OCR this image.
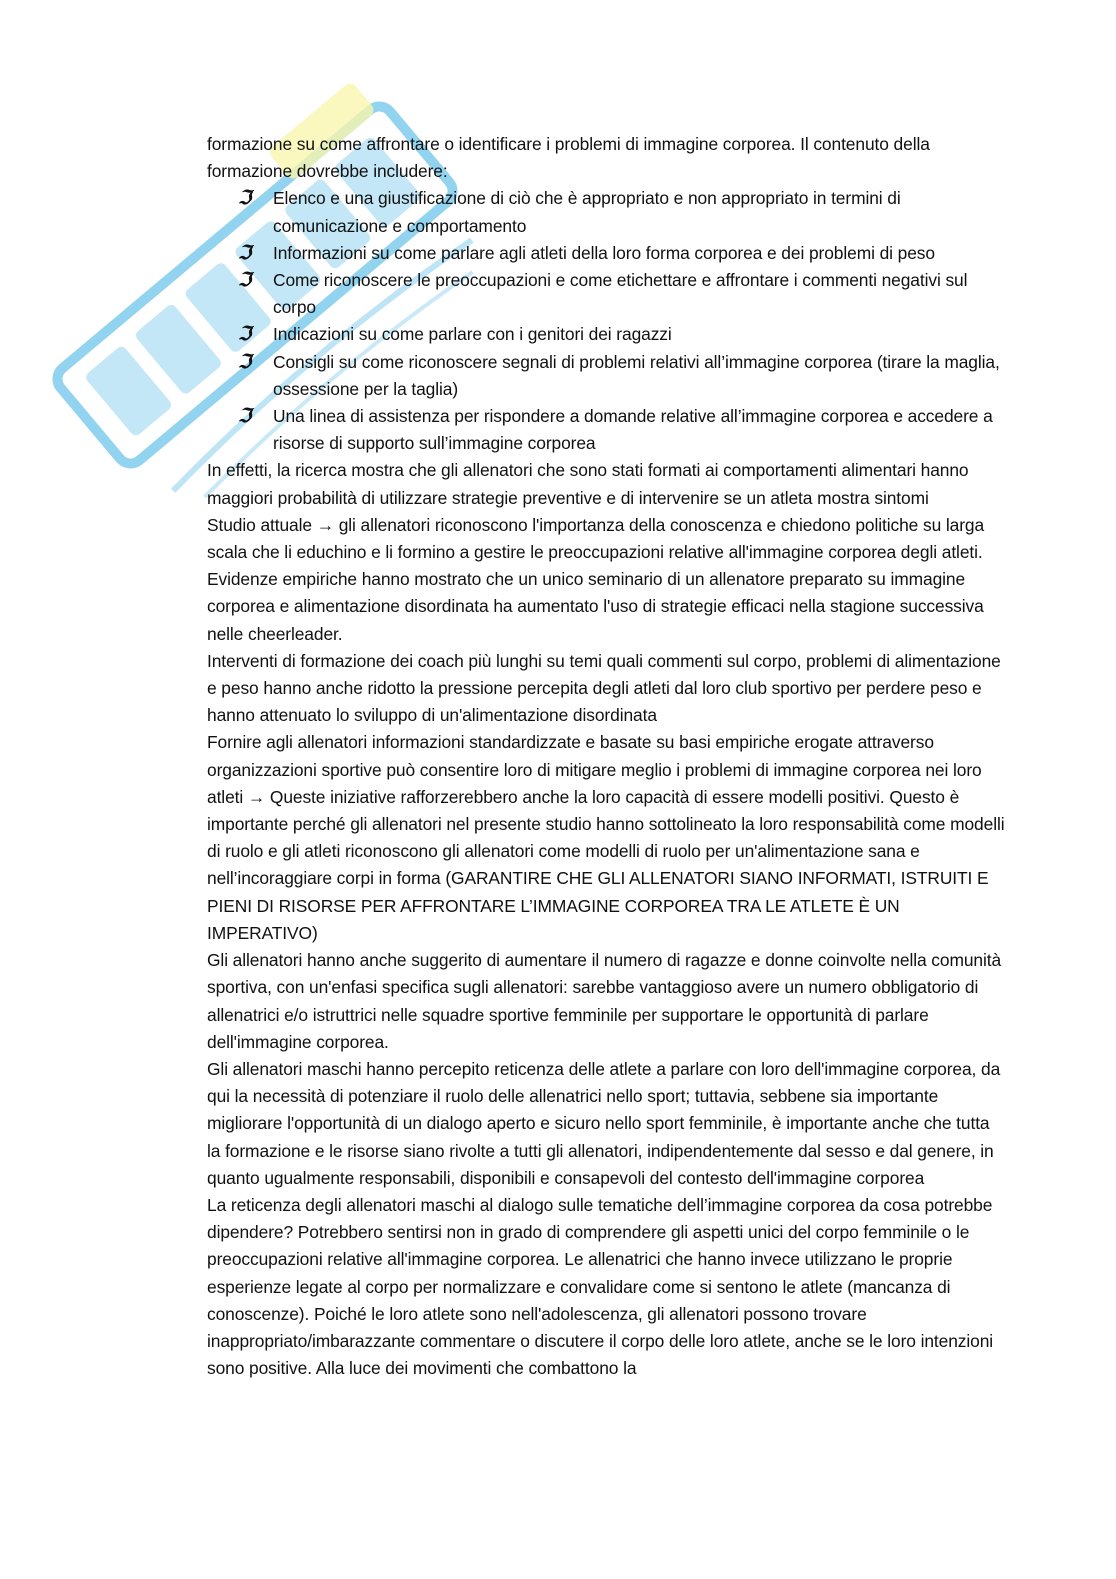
formazione su come affrontare o identificare i problemi di immagine corporea. Il contenuto della formazione dovrebbe includere:

ℑ Elenco e una giustificazione di ciò che è appropriato e non appropriato in termini di comunicazione e comportamento
ℑ Informazioni su come parlare agli atleti della loro forma corporea e dei problemi di peso
ℑ Come riconoscere le preoccupazioni e come etichettare e affrontare i commenti negativi sul corpo
ℑ Indicazioni su come parlare con i genitori dei ragazzi
ℑ Consigli su come riconoscere segnali di problemi relativi all’immagine corporea (tirare la maglia, ossessione per la taglia)
ℑ Una linea di assistenza per rispondere a domande relative all’immagine corporea e accedere a risorse di supporto sull’immagine corporea

In effetti, la ricerca mostra che gli allenatori che sono stati formati ai comportamenti alimentari hanno maggiori probabilità di utilizzare strategie preventive e di intervenire se un atleta mostra sintomi

Studio attuale → gli allenatori riconoscono l'importanza della conoscenza e chiedono politiche su larga scala che li educhino e li formino a gestire le preoccupazioni relative all'immagine corporea degli atleti. Evidenze empiriche hanno mostrato che un unico seminario di un allenatore preparato su immagine corporea e alimentazione disordinata ha aumentato l'uso di strategie efficaci nella stagione successiva nelle cheerleader.

Interventi di formazione dei coach più lunghi su temi quali commenti sul corpo, problemi di alimentazione e peso hanno anche ridotto la pressione percepita degli atleti dal loro club sportivo per perdere peso e hanno attenuato lo sviluppo di un'alimentazione disordinata

Fornire agli allenatori informazioni standardizzate e basate su basi empiriche erogate attraverso organizzazioni sportive può consentire loro di mitigare meglio i problemi di immagine corporea nei loro atleti → Queste iniziative rafforzerebbero anche la loro capacità di essere modelli positivi. Questo è importante perché gli allenatori nel presente studio hanno sottolineato la loro responsabilità come modelli di ruolo e gli atleti riconoscono gli allenatori come modelli di ruolo per un'alimentazione sana e nell’incoraggiare corpi in forma (GARANTIRE CHE GLI ALLENATORI SIANO INFORMATI, ISTRUITI E PIENI DI RISORSE PER AFFRONTARE L’IMMAGINE CORPOREA TRA LE ATLETE È UN IMPERATIVO)

Gli allenatori hanno anche suggerito di aumentare il numero di ragazze e donne coinvolte nella comunità sportiva, con un'enfasi specifica sugli allenatori: sarebbe vantaggioso avere un numero obbligatorio di allenatrici e/o istruttrici nelle squadre sportive femminile per supportare le opportunità di parlare dell'immagine corporea.

Gli allenatori maschi hanno percepito reticenza delle atlete a parlare con loro dell'immagine corporea, da qui la necessità di potenziare il ruolo delle allenatrici nello sport; tuttavia, sebbene sia importante migliorare l'opportunità di un dialogo aperto e sicuro nello sport femminile, è importante anche che tutta la formazione e le risorse siano rivolte a tutti gli allenatori, indipendentemente dal sesso e dal genere, in quanto ugualmente responsabili, disponibili e consapevoli del contesto dell'immagine corporea

La reticenza degli allenatori maschi al dialogo sulle tematiche dell’immagine corporea da cosa potrebbe dipendere? Potrebbero sentirsi non in grado di comprendere gli aspetti unici del corpo femminile o le preoccupazioni relative all'immagine corporea. Le allenatrici che hanno invece utilizzano le proprie esperienze legate al corpo per normalizzare e convalidare come si sentono le atlete (mancanza di conoscenze). Poiché le loro atlete sono nell'adolescenza, gli allenatori possono trovare inappropriato/imbarazzante commentare o discutere il corpo delle loro atlete, anche se le loro intenzioni sono positive. Alla luce dei movimenti che combattono la
